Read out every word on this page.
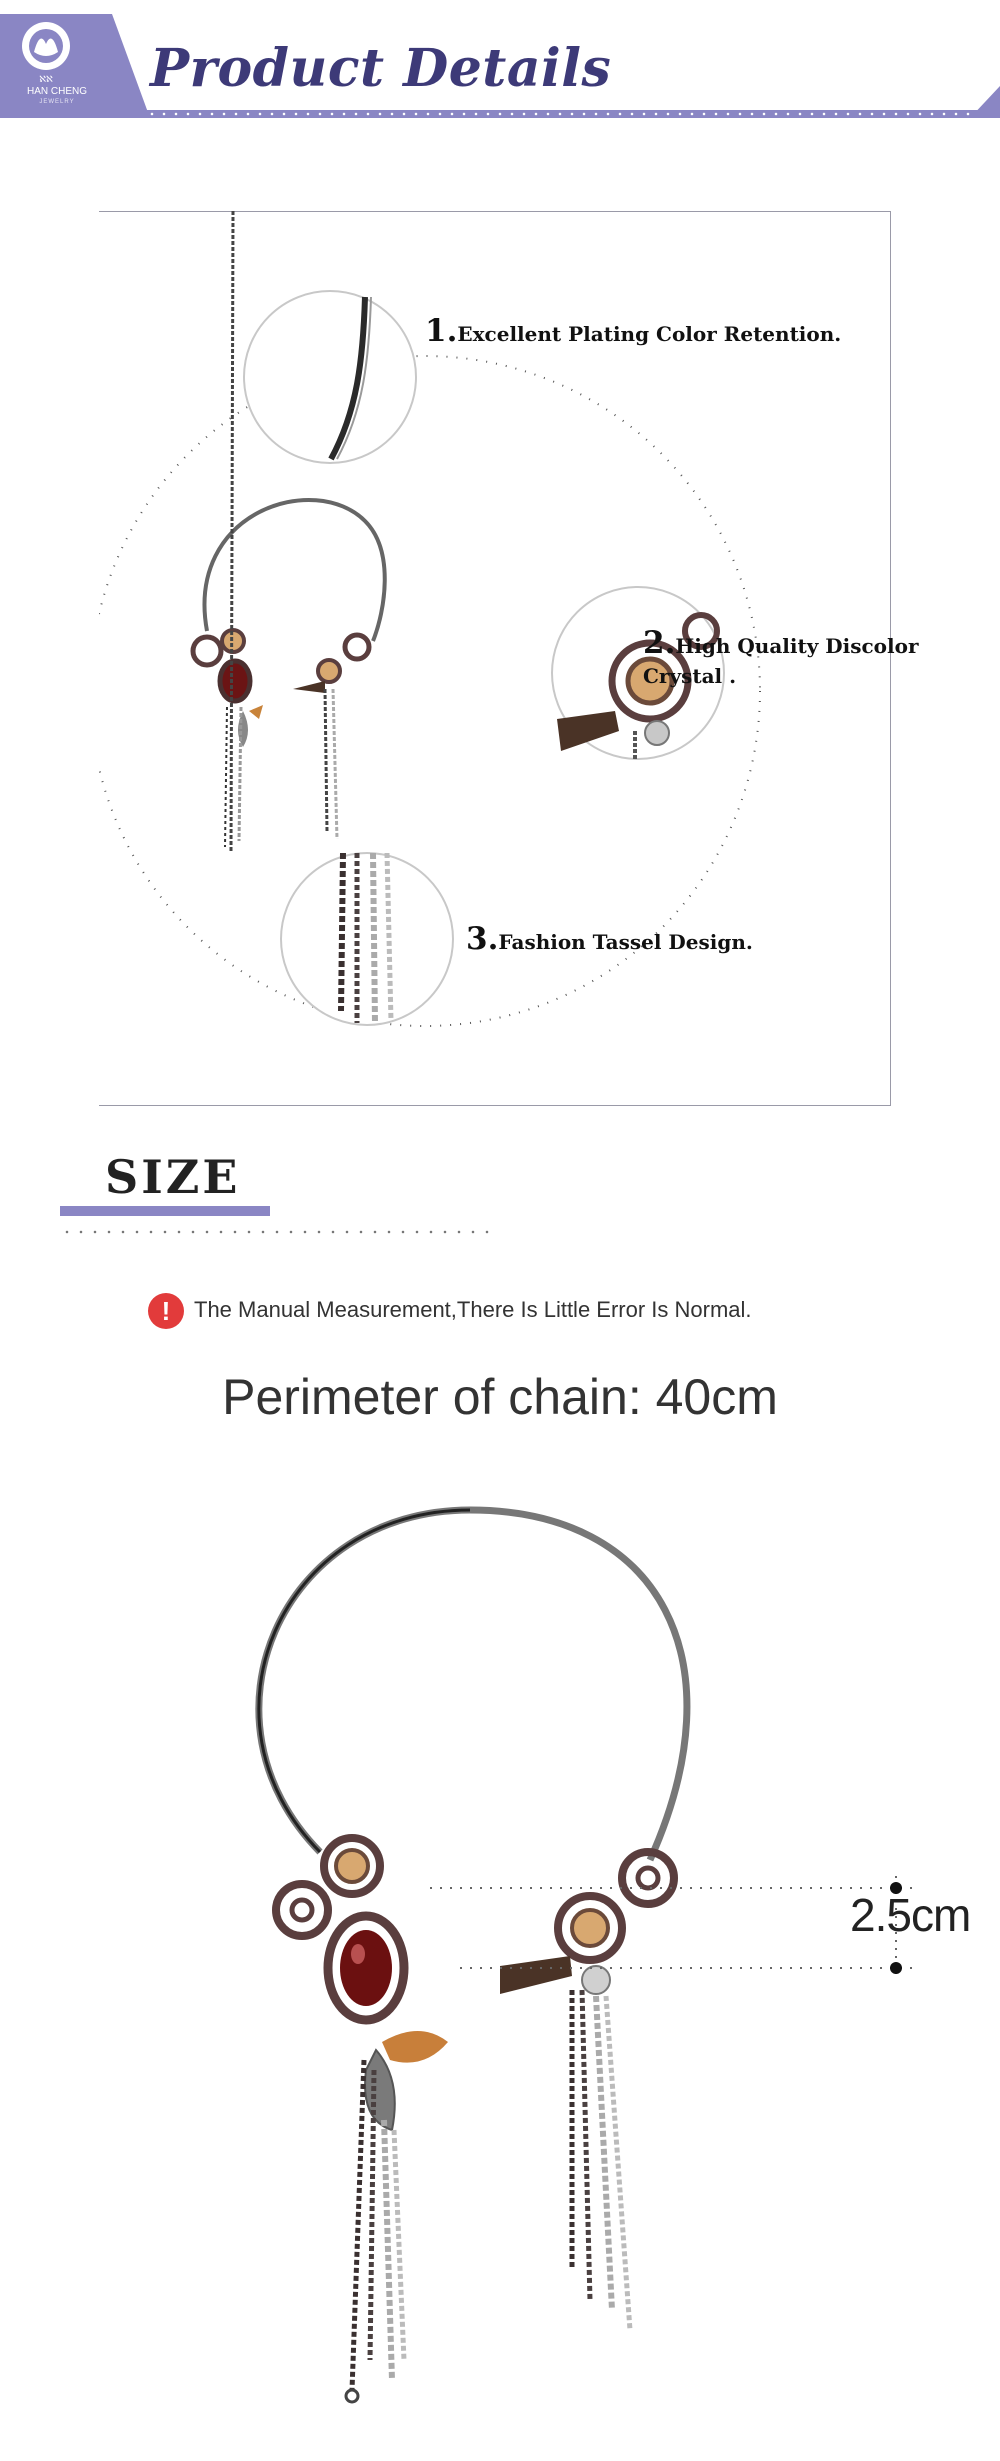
ℵℵ
HAN CHENG
JEWELRY
Product Details
1.Excellent Plating Color Retention.
2.High Quality Discolor
Crystal .
3.Fashion Tassel Design.
SIZE
!	The Manual Measurement,There Is Little Error Is Normal.
Perimeter of chain: 40cm
2.5cm
